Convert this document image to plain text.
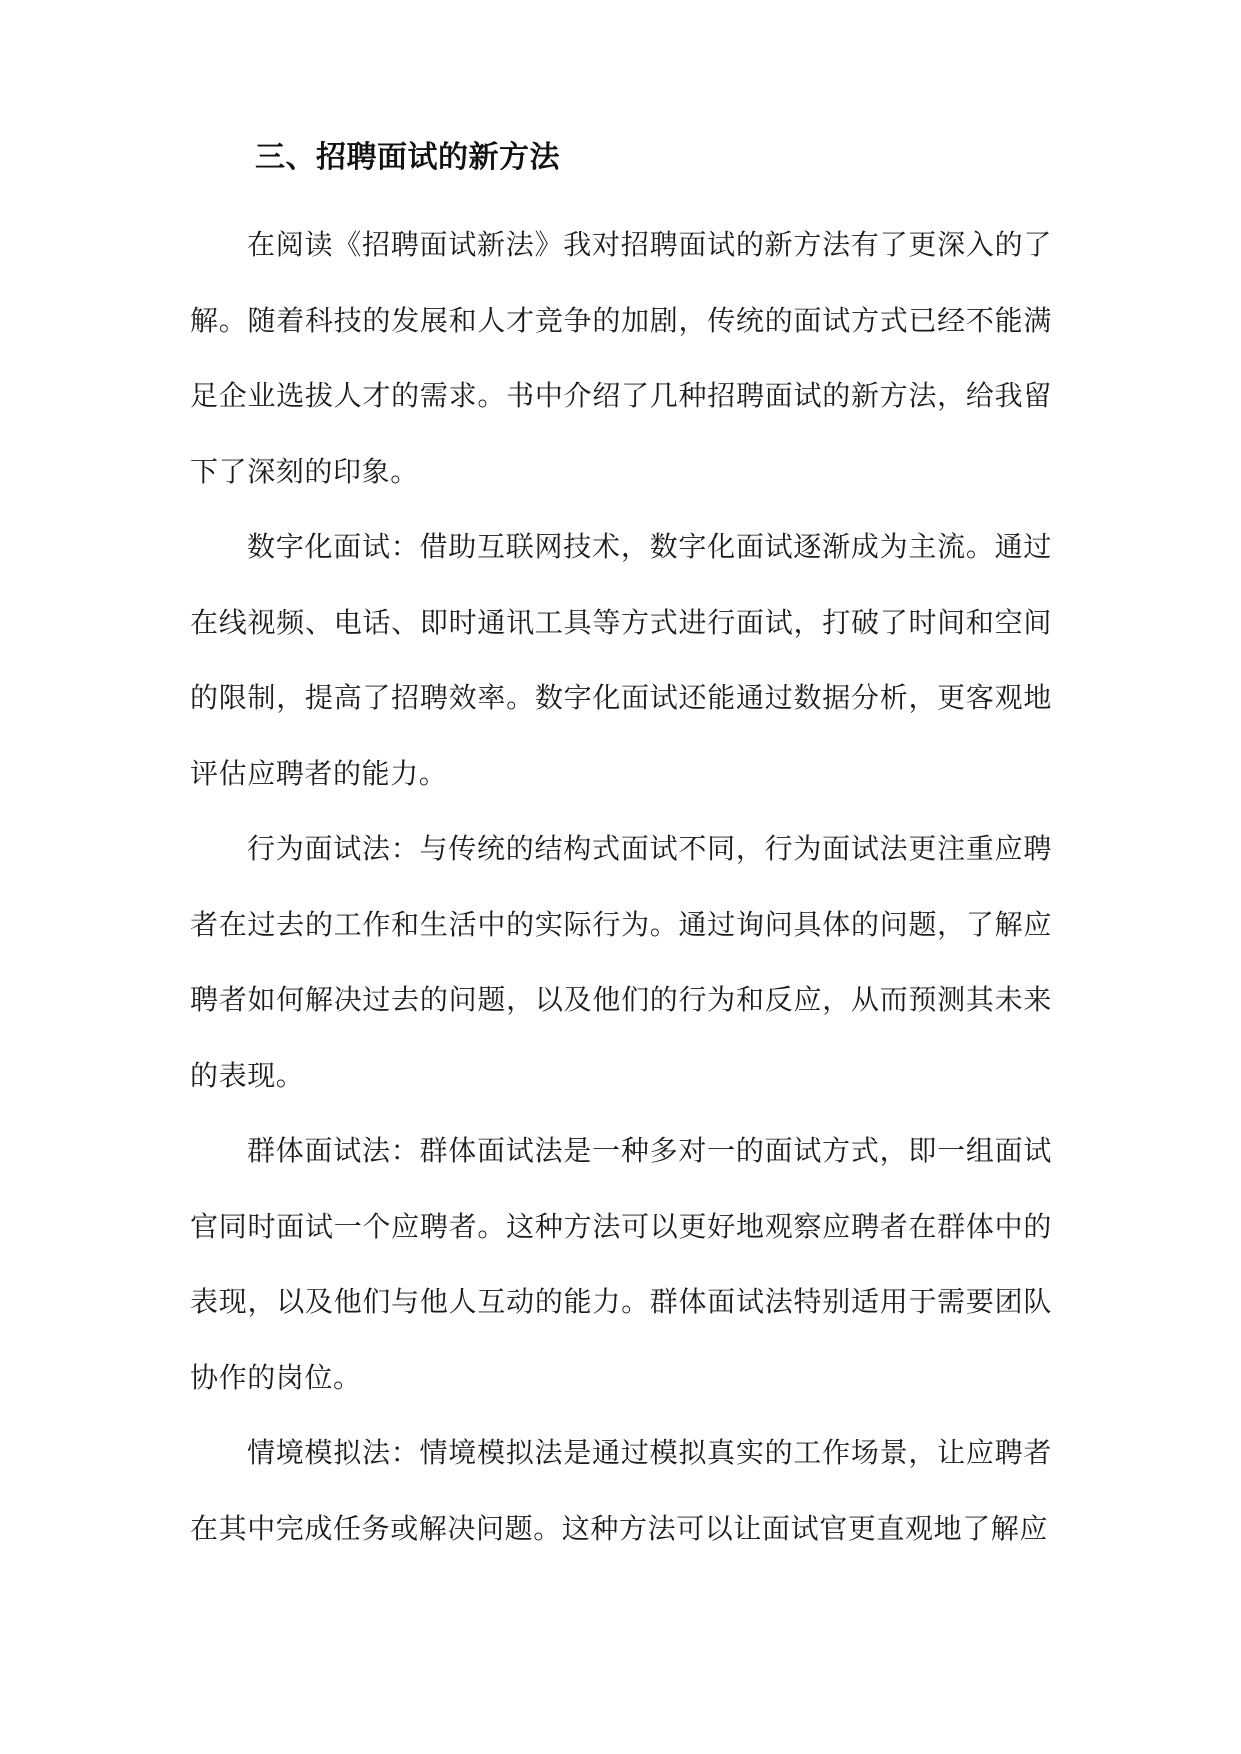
三、招聘面试的新方法

在阅读《招聘面试新法》我对招聘面试的新方法有了更深入的了解。随着科技的发展和人才竞争的加剧，传统的面试方式已经不能满足企业选拔人才的需求。书中介绍了几种招聘面试的新方法，给我留下了深刻的印象。

数字化面试：借助互联网技术，数字化面试逐渐成为主流。通过在线视频、电话、即时通讯工具等方式进行面试，打破了时间和空间的限制，提高了招聘效率。数字化面试还能通过数据分析，更客观地评估应聘者的能力。

行为面试法：与传统的结构式面试不同，行为面试法更注重应聘者在过去的工作和生活中的实际行为。通过询问具体的问题，了解应聘者如何解决过去的问题，以及他们的行为和反应，从而预测其未来的表现。

群体面试法：群体面试法是一种多对一的面试方式，即一组面试官同时面试一个应聘者。这种方法可以更好地观察应聘者在群体中的表现，以及他们与他人互动的能力。群体面试法特别适用于需要团队协作的岗位。

情境模拟法：情境模拟法是通过模拟真实的工作场景，让应聘者在其中完成任务或解决问题。这种方法可以让面试官更直观地了解应
